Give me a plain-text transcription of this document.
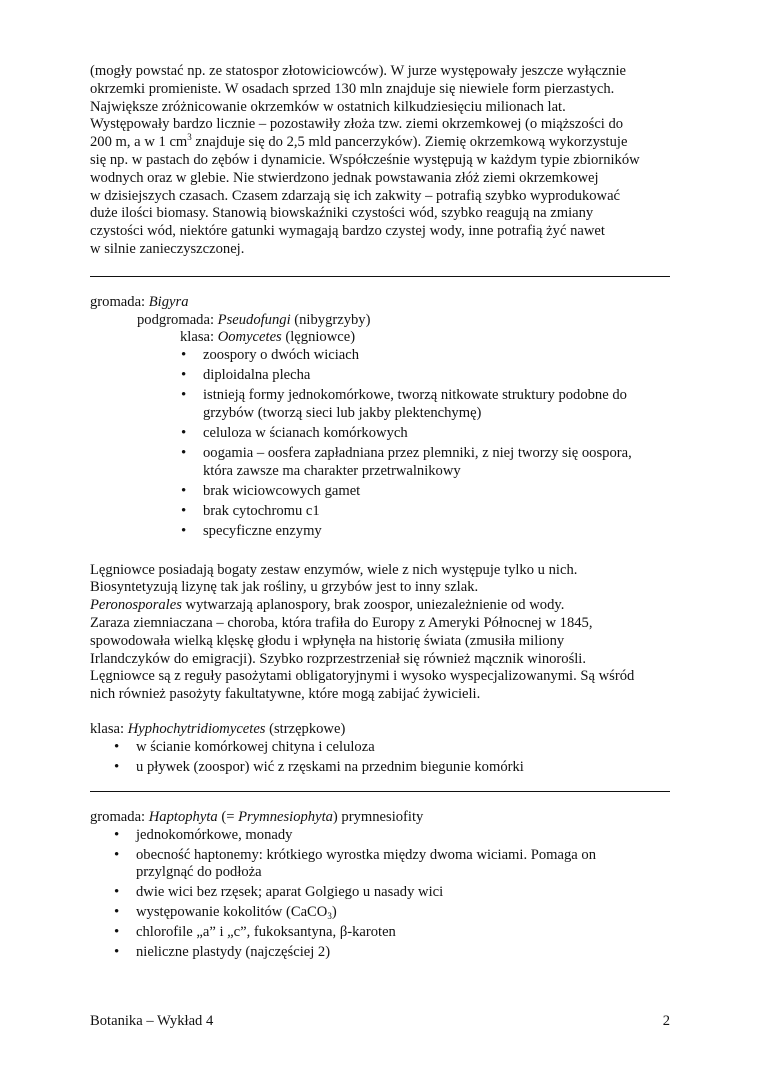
(mogły powstać np. ze statospor złotowiciowców). W jurze występowały jeszcze wyłącznie

okrzemki promieniste. W osadach sprzed 130 mln znajduje się niewiele form pierzastych.

Największe zróżnicowanie okrzemków w ostatnich kilkudziesięciu milionach lat.

Występowały bardzo licznie – pozostawiły złoża tzw. ziemi okrzemkowej (o miąższości do

200 m, a w 1 $cm^3$ znajduje się do 2,5 mld pancerzyków). Ziemię okrzemkową wykorzystuje

się np. w pastach do zębów i dynamicie. Współcześnie występują w każdym typie zbiorników

wodnych oraz w glebie. Nie stwierdzono jednak powstawania złóż ziemi okrzemkowej

w dzisiejszych czasach. Czasem zdarzają się ich zakwity – potrafią szybko wyprodukować

duże ilości biomasy. Stanowią biowskaźniki czystości wód, szybko reagują na zmiany

czystości wód, niektóre gatunki wymagają bardzo czystej wody, inne potrafią żyć nawet

w silnie zanieczyszczonej.

gromada: Bigyra

podgromada: Pseudofungi (nibygrzyby)

klasa: Oomycetes (lęgniowce)

• zoospory o dwóch wiciach
• diploidalna plecha
• istnieją formy jednokomórkowe, tworzą nitkowate struktury podobne do
grzybów (tworzą sieci lub jakby plektenchymę)
• celuloza w ścianach komórkowych
• oogamia – oosfera zapładniana przez plemniki, z niej tworzy się oospora,
która zawsze ma charakter przetrwalnikowy
• brak wiciowcowych gamet
• brak cytochromu c1
• specyficzne enzymy

Lęgniowce posiadają bogaty zestaw enzymów, wiele z nich występuje tylko u nich.

Biosyntetyzują lizynę tak jak rośliny, u grzybów jest to inny szlak.

Peronosporales wytwarzają aplanospory, brak zoospor, uniezależnienie od wody.

Zaraza ziemniaczana – choroba, która trafiła do Europy z Ameryki Północnej w 1845,

spowodowała wielką klęskę głodu i wpłynęła na historię świata (zmusiła miliony

Irlandczyków do emigracji). Szybko rozprzestrzeniał się również mącznik winorośli.

Lęgniowce są z reguły pasożytami obligatoryjnymi i wysoko wyspecjalizowanymi. Są wśród

nich również pasożyty fakultatywne, które mogą zabijać żywicieli.

klasa: Hyphochytridiomycetes (strzępkowe)

• w ścianie komórkowej chityna i celuloza
• u pływek (zoospor) wić z rzęskami na przednim biegunie komórki

gromada: Haptophyta (= Prymnesiophyta) prymnesiofity

• jednokomórkowe, monady
• obecność haptonemy: krótkiego wyrostka między dwoma wiciami. Pomaga on
przylgnąć do podłoża
• dwie wici bez rzęsek; aparat Golgiego u nasady wici
• występowanie kokolitów (CaCO$_3$)
• chlorofile „a” i „c”, fukoksantyna, β-karoten
• nieliczne plastydy (najczęściej 2)
Botanika – Wykład 4	2
